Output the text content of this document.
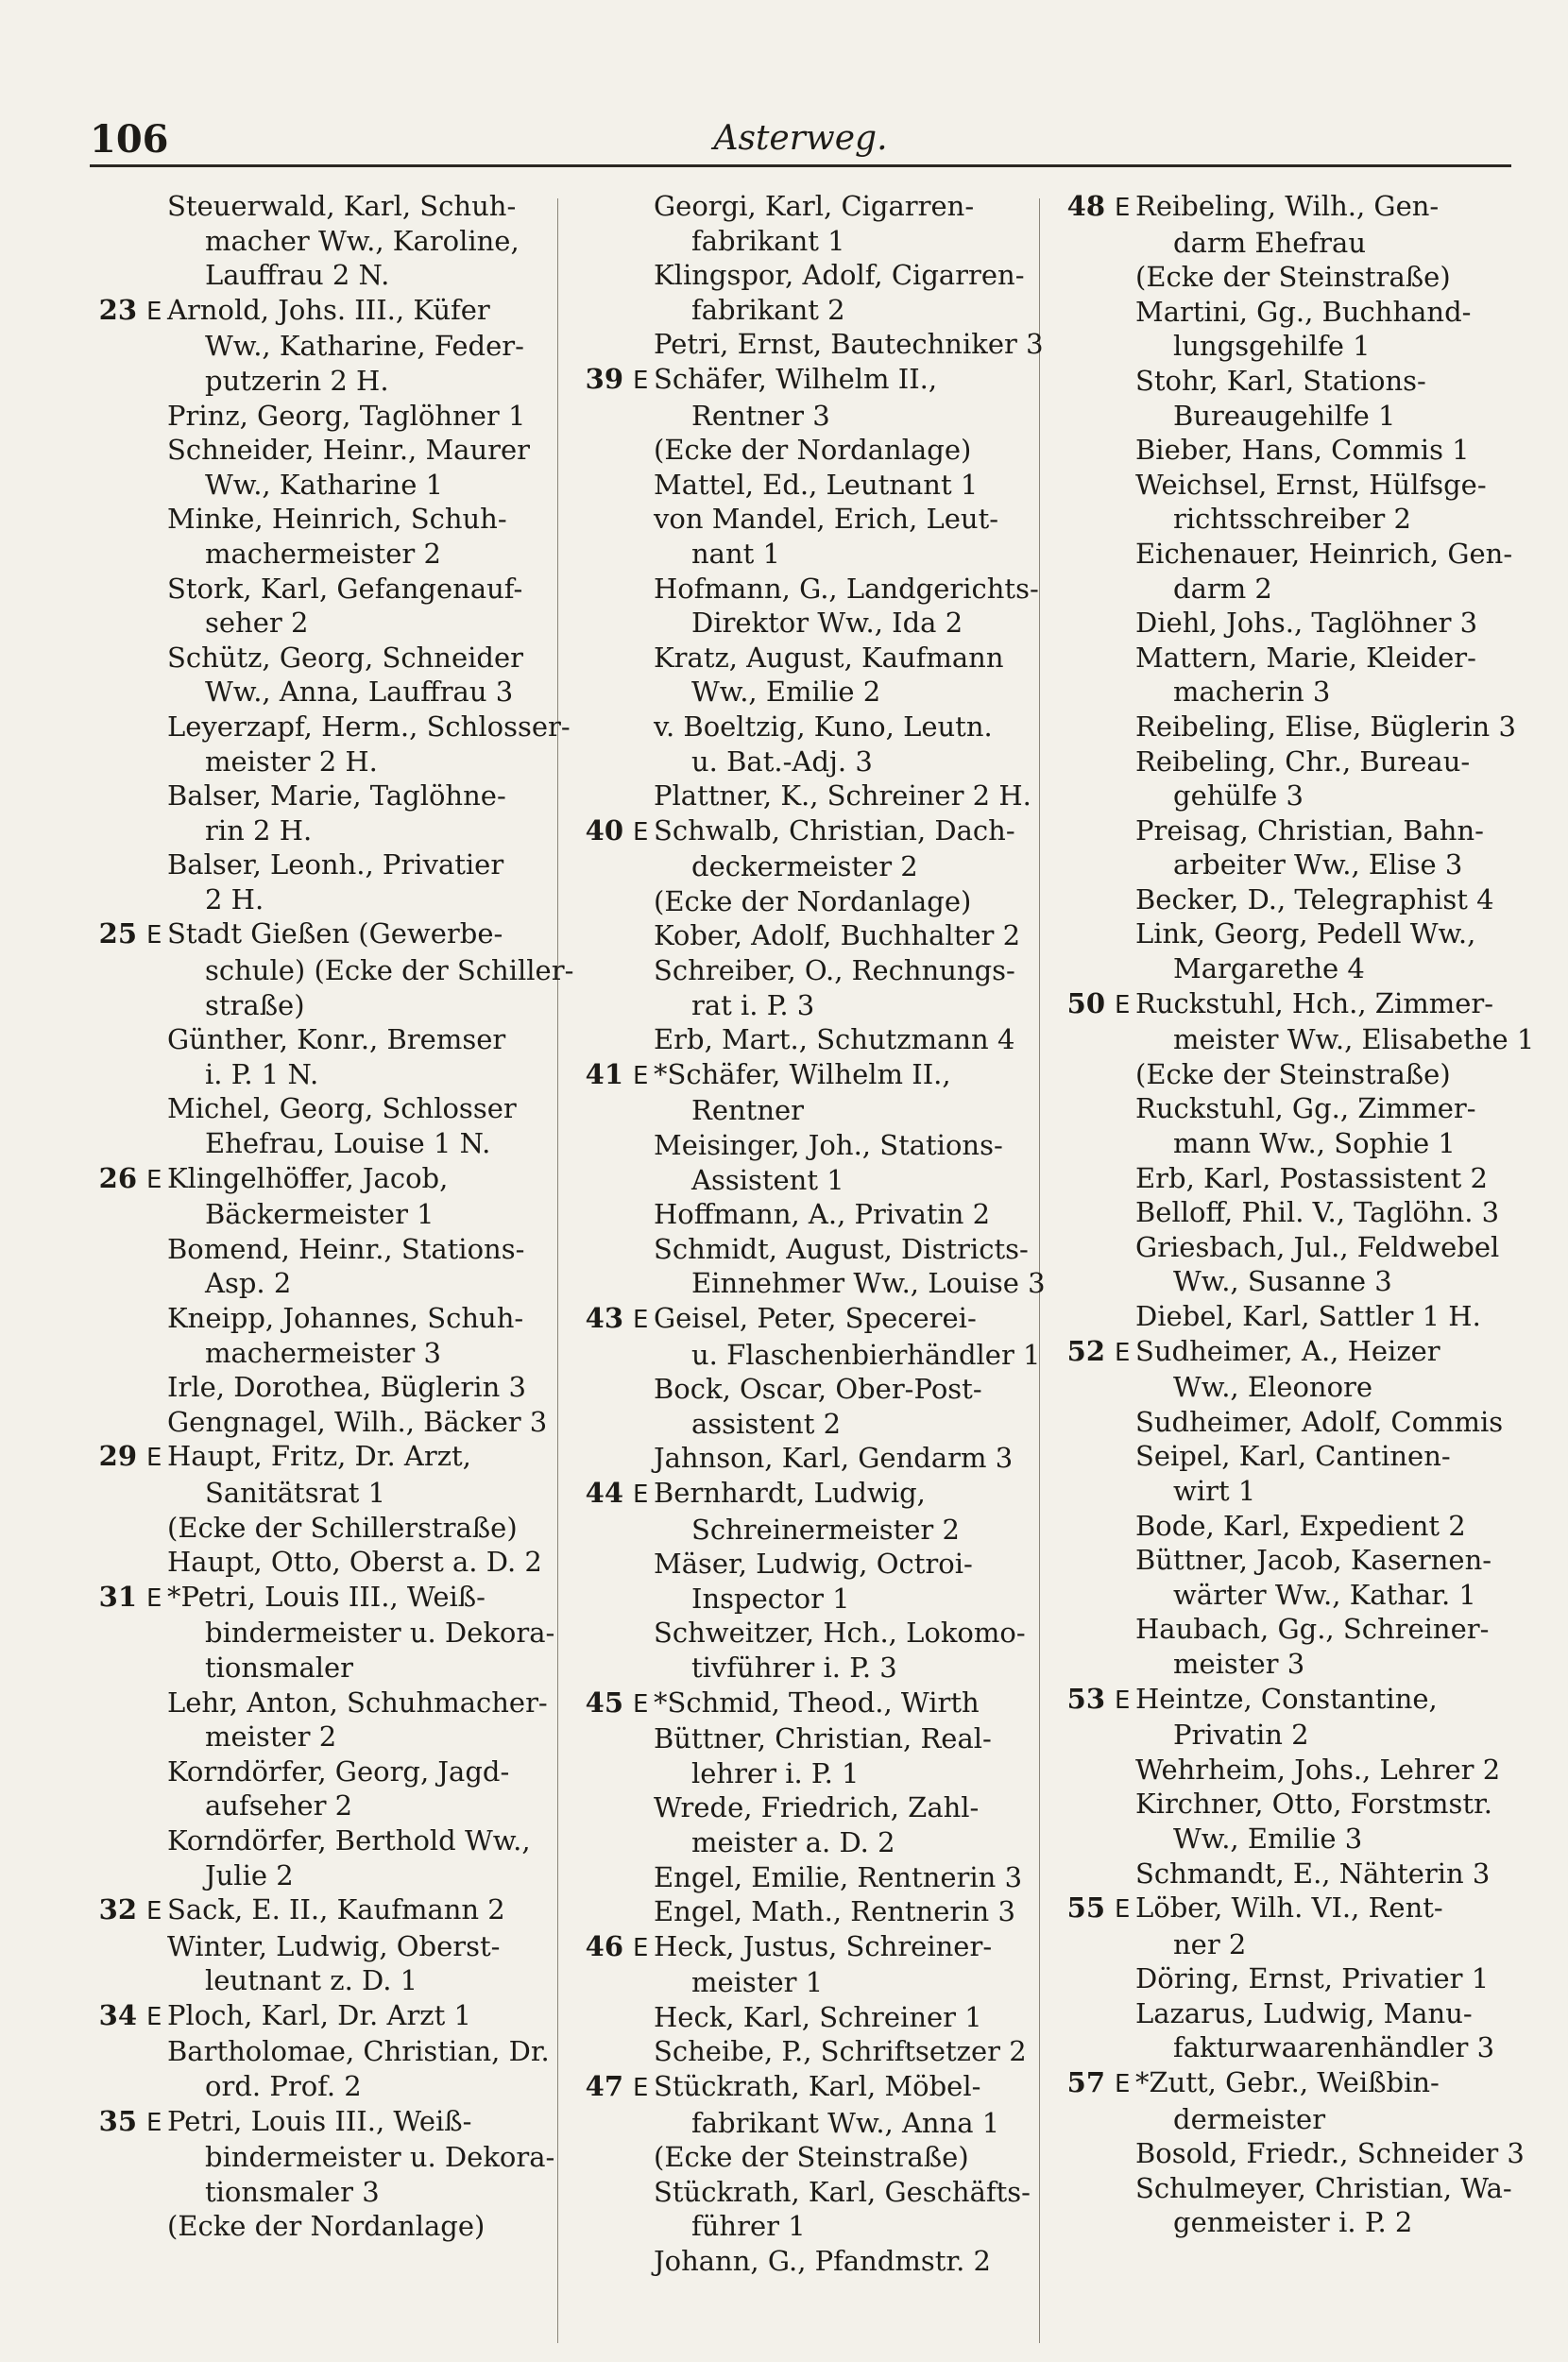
106	Asterweg.
Steuerwald, Karl, Schuh-
macher Ww., Karoline,
Lauffrau 2 N.
23 E Arnold, Johs. III., Küfer
Ww., Katharine, Feder-
putzerin 2 H.
Prinz, Georg, Taglöhner 1
Schneider, Heinr., Maurer
Ww., Katharine 1
Minke, Heinrich, Schuh-
machermeister 2
Stork, Karl, Gefangenauf-
seher 2
Schütz, Georg, Schneider
Ww., Anna, Lauffrau 3
Leyerzapf, Herm., Schlosser-
meister 2 H.
Balser, Marie, Taglöhne-
rin 2 H.
Balser, Leonh., Privatier
2 H.
25 E Stadt Gießen (Gewerbe-
schule) (Ecke der Schiller-
straße)
Günther, Konr., Bremser
i. P. 1 N.
Michel, Georg, Schlosser
Ehefrau, Louise 1 N.
26 E Klingelhöffer, Jacob,
Bäckermeister 1
Bomend, Heinr., Stations-
Asp. 2
Kneipp, Johannes, Schuh-
machermeister 3
Irle, Dorothea, Büglerin 3
Gengnagel, Wilh., Bäcker 3
29 E Haupt, Fritz, Dr. Arzt,
Sanitätsrat 1
(Ecke der Schillerstraße)
Haupt, Otto, Oberst a. D. 2
31 E *Petri, Louis III., Weiß-
bindermeister u. Dekora-
tionsmaler
Lehr, Anton, Schuhmacher-
meister 2
Korndörfer, Georg, Jagd-
aufseher 2
Korndörfer, Berthold Ww.,
Julie 2
32 E Sack, E. II., Kaufmann 2
Winter, Ludwig, Oberst-
leutnant z. D. 1
34 E Ploch, Karl, Dr. Arzt 1
Bartholomae, Christian, Dr.
ord. Prof. 2
35 E Petri, Louis III., Weiß-
bindermeister u. Dekora-
tionsmaler 3
(Ecke der Nordanlage)
Georgi, Karl, Cigarren-
fabrikant 1
Klingspor, Adolf, Cigarren-
fabrikant 2
Petri, Ernst, Bautechniker 3
39 E Schäfer, Wilhelm II.,
Rentner 3
(Ecke der Nordanlage)
Mattel, Ed., Leutnant 1
von Mandel, Erich, Leut-
nant 1
Hofmann, G., Landgerichts-
Direktor Ww., Ida 2
Kratz, August, Kaufmann
Ww., Emilie 2
v. Boeltzig, Kuno, Leutn.
u. Bat.-Adj. 3
Plattner, K., Schreiner 2 H.
40 E Schwalb, Christian, Dach-
deckermeister 2
(Ecke der Nordanlage)
Kober, Adolf, Buchhalter 2
Schreiber, O., Rechnungs-
rat i. P. 3
Erb, Mart., Schutzmann 4
41 E *Schäfer, Wilhelm II.,
Rentner
Meisinger, Joh., Stations-
Assistent 1
Hoffmann, A., Privatin 2
Schmidt, August, Districts-
Einnehmer Ww., Louise 3
43 E Geisel, Peter, Specerei-
u. Flaschenbierhändler 1
Bock, Oscar, Ober-Post-
assistent 2
Jahnson, Karl, Gendarm 3
44 E Bernhardt, Ludwig,
Schreinermeister 2
Mäser, Ludwig, Octroi-
Inspector 1
Schweitzer, Hch., Lokomo-
tivführer i. P. 3
45 E *Schmid, Theod., Wirth
Büttner, Christian, Real-
lehrer i. P. 1
Wrede, Friedrich, Zahl-
meister a. D. 2
Engel, Emilie, Rentnerin 3
Engel, Math., Rentnerin 3
46 E Heck, Justus, Schreiner-
meister 1
Heck, Karl, Schreiner 1
Scheibe, P., Schriftsetzer 2
47 E Stückrath, Karl, Möbel-
fabrikant Ww., Anna 1
(Ecke der Steinstraße)
Stückrath, Karl, Geschäfts-
führer 1
Johann, G., Pfandmstr. 2
48 E Reibeling, Wilh., Gen-
darm Ehefrau
(Ecke der Steinstraße)
Martini, Gg., Buchhand-
lungsgehilfe 1
Stohr, Karl, Stations-
Bureaugehilfe 1
Bieber, Hans, Commis 1
Weichsel, Ernst, Hülfsge-
richtsschreiber 2
Eichenauer, Heinrich, Gen-
darm 2
Diehl, Johs., Taglöhner 3
Mattern, Marie, Kleider-
macherin 3
Reibeling, Elise, Büglerin 3
Reibeling, Chr., Bureau-
gehülfe 3
Preisag, Christian, Bahn-
arbeiter Ww., Elise 3
Becker, D., Telegraphist 4
Link, Georg, Pedell Ww.,
Margarethe 4
50 E Ruckstuhl, Hch., Zimmer-
meister Ww., Elisabethe 1
(Ecke der Steinstraße)
Ruckstuhl, Gg., Zimmer-
mann Ww., Sophie 1
Erb, Karl, Postassistent 2
Belloff, Phil. V., Taglöhn. 3
Griesbach, Jul., Feldwebel
Ww., Susanne 3
Diebel, Karl, Sattler 1 H.
52 E Sudheimer, A., Heizer
Ww., Eleonore
Sudheimer, Adolf, Commis
Seipel, Karl, Cantinen-
wirt 1
Bode, Karl, Expedient 2
Büttner, Jacob, Kasernen-
wärter Ww., Kathar. 1
Haubach, Gg., Schreiner-
meister 3
53 E Heintze, Constantine,
Privatin 2
Wehrheim, Johs., Lehrer 2
Kirchner, Otto, Forstmstr.
Ww., Emilie 3
Schmandt, E., Nähterin 3
55 E Löber, Wilh. VI., Rent-
ner 2
Döring, Ernst, Privatier 1
Lazarus, Ludwig, Manu-
fakturwaarenhändler 3
57 E *Zutt, Gebr., Weißbin-
dermeister
Bosold, Friedr., Schneider 3
Schulmeyer, Christian, Wa-
genmeister i. P. 2
